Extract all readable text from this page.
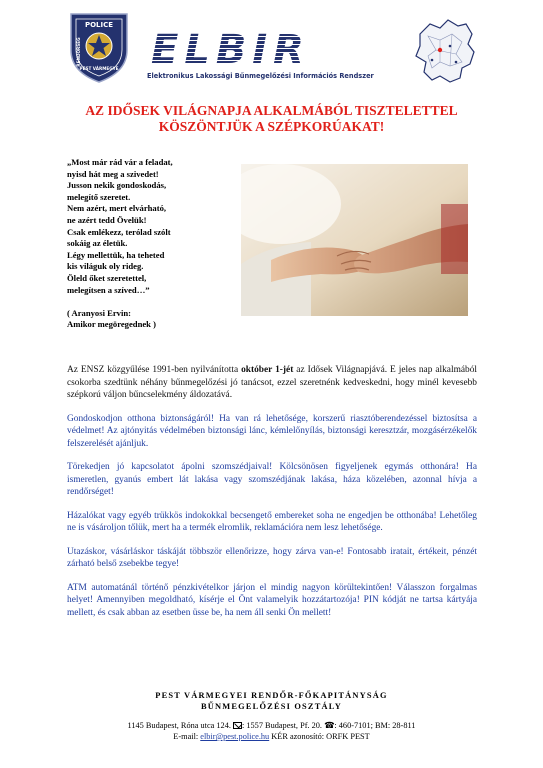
POLICE
RENDŐRSÉG
PEST VÁRMEGYE ELBIR
Elektronikus Lakossági Bűnmegelőzési Információs Rendszer
AZ IDŐSEK VILÁGNAPJA ALKALMÁBÓL TISZTELETTEL
KÖSZÖNTJÜK A SZÉPKORÚAKAT!
„Most már rád vár a feladat,
nyisd hát meg a szivedet!
Jusson nekik gondoskodás,
melegítő szeretet.
Nem azért, mert elvárható,
ne azért tedd Övelük!
Csak emlékezz, terólad szólt
sokáig az életük.
Légy mellettük, ha teheted
kis világuk oly rideg.
Öleld őket szeretettel,
melegítsen a szíved…”
( Aranyosi Ervin:
Amikor megöregednek )

Az ENSZ közgyűlése 1991-ben nyilvánította október 1-jét az Idősek Világnapjává. E jeles nap alkalmából csokorba szedtünk néhány bűnmegelőzési jó tanácsot, ezzel szeretnénk kedveskedni, hogy minél kevesebb szépkorú váljon bűncselekmény áldozatává.

Gondoskodjon otthona biztonságáról! Ha van rá lehetősége, korszerű riasztóberendezéssel biztosítsa a védelmet! Az ajtónyitás védelmében biztonsági lánc, kémlelőnyílás, biztonsági keresztzár, mozgásérzékelők felszerelését ajánljuk.

Törekedjen jó kapcsolatot ápolni szomszédjaival! Kölcsönösen figyeljenek egymás otthonára! Ha ismeretlen, gyanús embert lát lakása vagy szomszédjának lakása, háza közelében, azonnal hívja a rendőrséget!

Házalókat vagy egyéb trükkös indokokkal becsengető embereket soha ne engedjen be otthonába! Lehetőleg ne is vásároljon tőlük, mert ha a termék elromlik, reklamációra nem lesz lehetősége.

Utazáskor, vásárláskor táskáját többször ellenőrizze, hogy zárva van-e! Fontosabb iratait, értékeit, pénzét zárható belső zsebekbe tegye!

ATM automatánál történő pénzkivételkor járjon el mindig nagyon körültekintően! Válasszon forgalmas helyet! Amennyiben megoldható, kísérje el Önt valamelyik hozzátartozója! PIN kódját ne tartsa kártyája mellett, és csak abban az esetben üsse be, ha nem áll senki Ön mellett!

PEST VÁRMEGYEI RENDŐR-FŐKAPITÁNYSÁG
BŰNMEGELŐZÉSI OSZTÁLY
1145 Budapest, Róna utca 124. : 1557 Budapest, Pf. 20. ☎: 460-7101; BM: 28-811
E-mail: elbir@pest.police.hu KÉR azonosító: ORFK PEST
